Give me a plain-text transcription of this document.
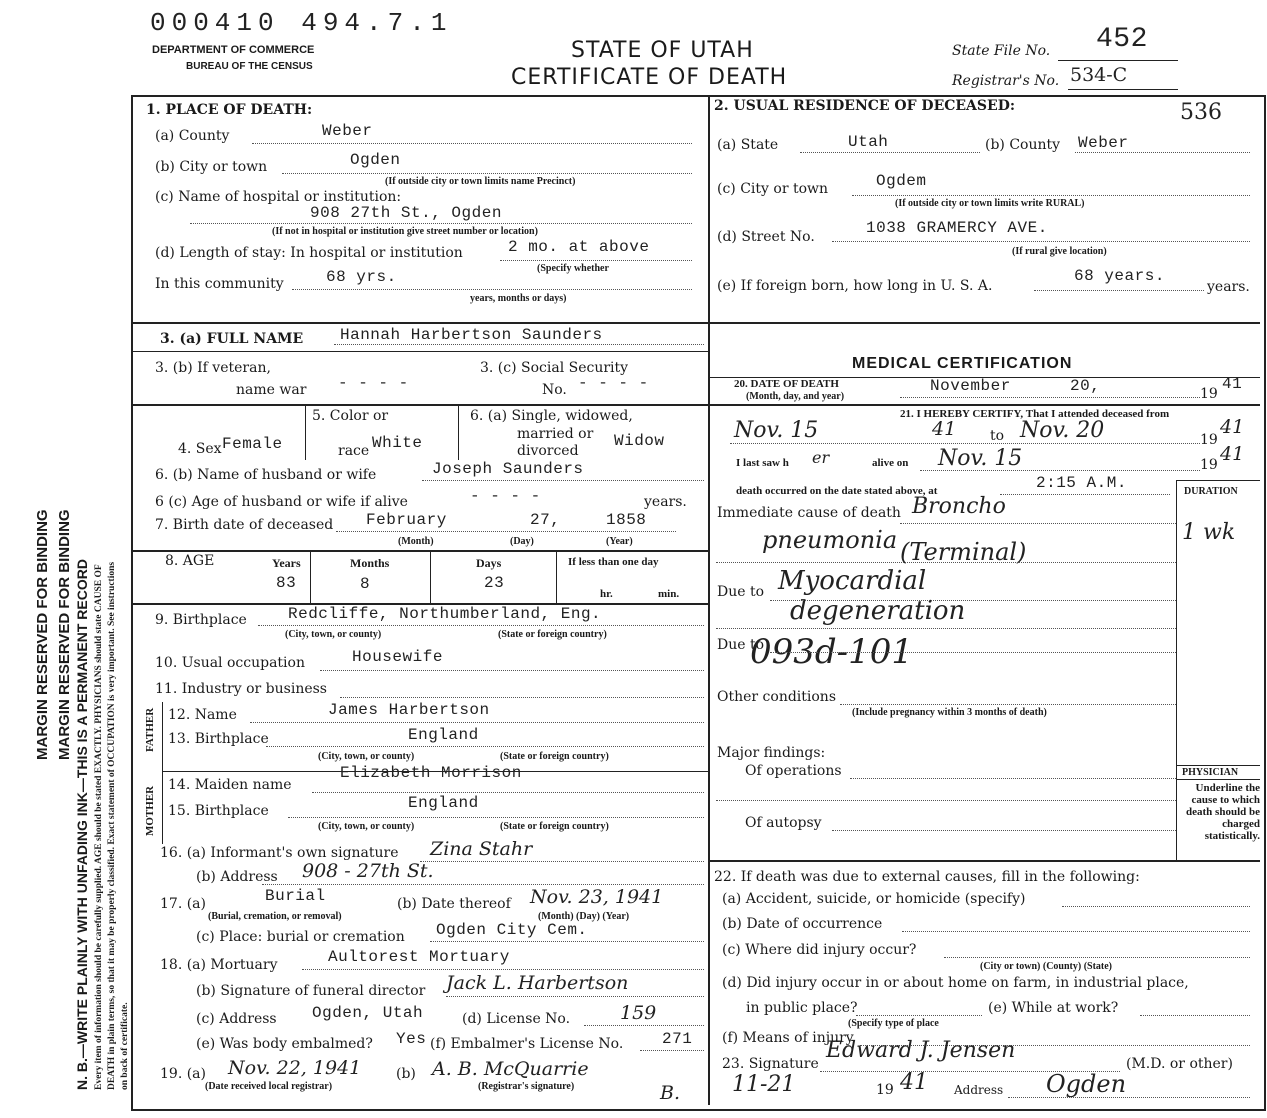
MARGIN RESERVED FOR BINDING MARGIN RESERVED FOR BINDING N. B.—WRITE PLAINLY WITH UNFADING INK—THIS IS A PERMANENT RECORD Every item of information should be carefully supplied. AGE should be stated EXACTLY. PHYSICIANS should state CAUSE OF DEATH in plain terms, so that it may be properly classified. Exact statement of OCCUPATION is very important. See instructions on back of certificate.
000410 494.7.1
DEPARTMENT OF COMMERCE
BUREAU OF THE CENSUS
STATE OF UTAH
CERTIFICATE OF DEATH
State File No. 452
Registrar's No. 534-C
536
1. PLACE OF DEATH:
(a) County	Weber
(b) City or town	Ogden
(If outside city or town limits name Precinct)
(c) Name of hospital or institution:
908 27th St., Ogden
(If not in hospital or institution give street number or location)
(d) Length of stay: In hospital or institution	2 mo. at above
(Specify whether
In this community	68 yrs.
years, months or days)
2. USUAL RESIDENCE OF DECEASED:
(a) State	Utah	(b) County Weber
(c) City or town	Ogdem
(If outside city or town limits write RURAL)
(d) Street No.	1038 GRAMERCY AVE.
(If rural give location)
(e) If foreign born, how long in U. S. A.
68 years.
years.
3. (a) FULL NAME Hannah Harbertson Saunders
3. (b) If veteran,
name war - - - -
3. (c) Social Security
No. - - - -
5. Color or
race White
4. Sex Female
6. (a) Single, widowed,
married or
divorced
Widow
6. (b) Name of husband or wife	Joseph Saunders
6 (c) Age of husband or wife if alive	- - - -	years.
7. Birth date of deceased February	27,	1858
(Month)	(Day)	(Year)
8. AGE	Years
83
Months
8
Days
23
If less than one day
hr.	min.
9. Birthplace	Redcliffe, Northumberland, Eng.
(City, town, or county)	(State or foreign country)
10. Usual occupation	Housewife
11. Industry or business
FATHER
MOTHER
12. Name	James Harbertson
13. Birthplace	England
(City, town, or county)	(State or foreign country)
14. Maiden name
Elizabeth Morrison
15. Birthplace	England
(City, town, or county)	(State or foreign country)
16. (a) Informant's own signature Zina Stahr
(b) Address 908 - 27th St.
17. (a)	Burial
(Burial, cremation, or removal)
(b) Date thereof Nov. 23, 1941
(Month) (Day) (Year)
(c) Place: burial or cremation Ogden City Cem.
18. (a) Mortuary	Aultorest Mortuary
(b) Signature of funeral director Jack L. Harbertson
(c) Address Ogden, Utah	(d) License No.	159
(e) Was body embalmed? Yes (f) Embalmer's License No. 271
19. (a) Nov. 22, 1941
(Date received local registrar)
(b) A. B. McQuarrie
(Registrar's signature)	B.
MEDICAL CERTIFICATION
20. DATE OF DEATH
(Month, day, and year)
November	20,	19
41
21. I HEREBY CERTIFY, That I attended deceased from
Nov. 15	41 to Nov. 20	19
41
I last saw h er	alive on Nov. 15	19 41
death occurred on the date stated above, at	2:15 A.M.	DURATION
Immediate cause of death Broncho
pneumonia (Terminal)
1 wk
Due to Myocardial
degeneration
Due to
093d-101
Other conditions
(Include pregnancy within 3 months of death)
Major findings:
Of operations
Of autopsy
PHYSICIAN
Underline the cause to which death should be charged statistically.
22. If death was due to external causes, fill in the following:
(a) Accident, suicide, or homicide (specify)
(b) Date of occurrence
(c) Where did injury occur?
(City or town) (County) (State)
(d) Did injury occur in or about home on farm, in industrial place,
in public place?
(Specify type of place
(e) While at work?
(f) Means of injury
23. Signature
Edward J. Jensen
(M.D. or other)
11-21	19 41 Address Ogden
